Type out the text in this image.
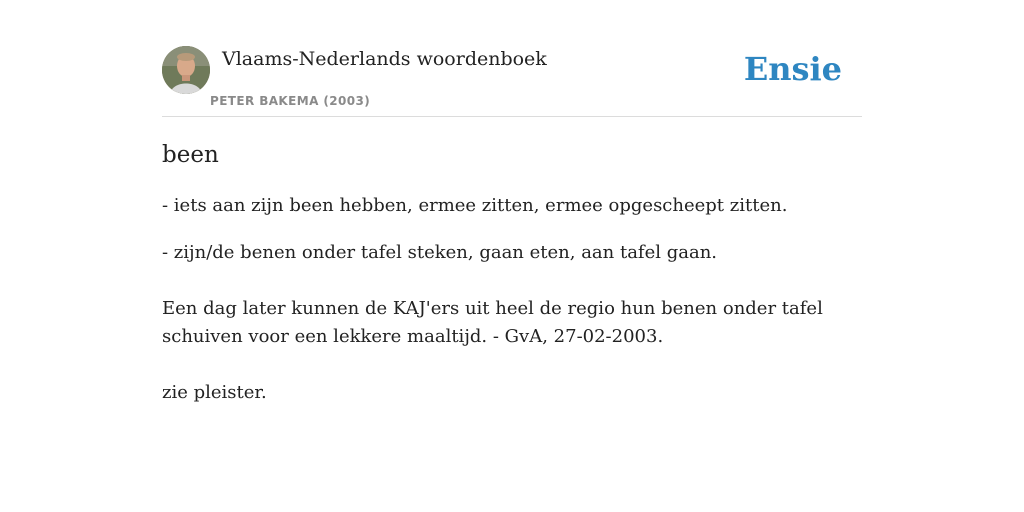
Vlaams-Nederlands woordenboek
PETER BAKEMA (2003)
Ensie
been

- iets aan zijn been hebben, ermee zitten, ermee opgescheept zitten.

- zijn/de benen onder tafel steken, gaan eten, aan tafel gaan.

Een dag later kunnen de KAJ'ers uit heel de regio hun benen onder tafel schuiven voor een lekkere maaltijd. - GvA, 27-02-2003.

zie pleister.
